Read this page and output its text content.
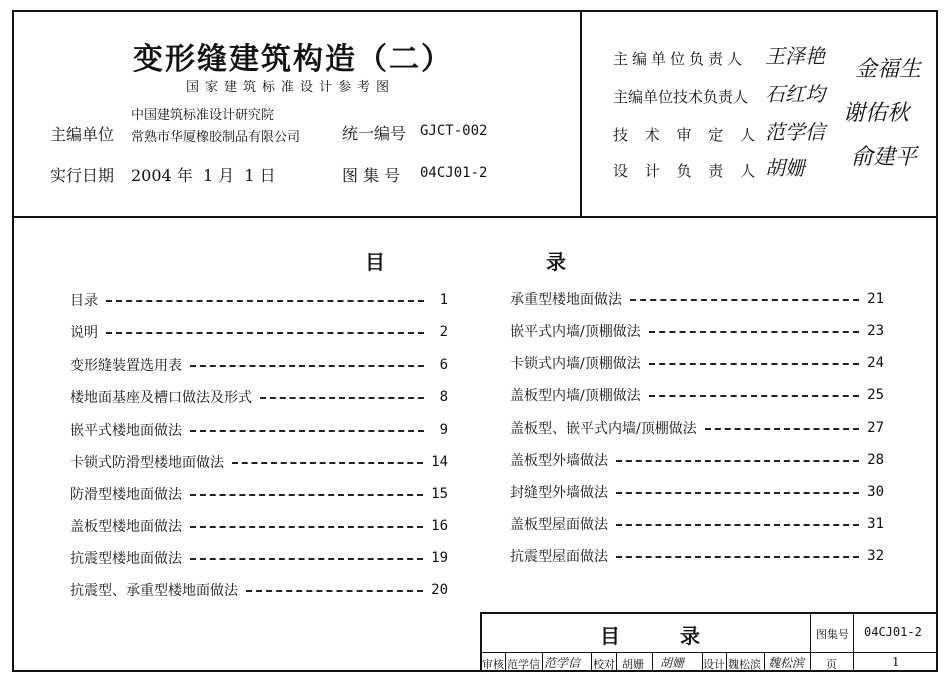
变形缝建筑构造（二）
国家建筑标准设计参考图
主编单位
中国建筑标准设计研究院
常熟市华厦橡胶制品有限公司	统一编号 GJCT-002
实行日期 2004 年  1 月  1 日	图 集 号 04CJ01-2
主编单位负责人 王泽艳
主编单位技术负责人 石红均
技 术 审 定 人 范学信
设 计 负 责 人 胡姗
金福生
谢佑秋
俞建平
目	录
目录	1
说明	2
变形缝装置选用表	6
楼地面基座及槽口做法及形式	8
嵌平式楼地面做法	9
卡锁式防滑型楼地面做法	14
防滑型楼地面做法	15
盖板型楼地面做法	16
抗震型楼地面做法	19
抗震型、承重型楼地面做法	20
承重型楼地面做法	21
嵌平式内墙/顶棚做法	23
卡锁式内墙/顶棚做法	24
盖板型内墙/顶棚做法	25
盖板型、嵌平式内墙/顶棚做法	27
盖板型外墙做法	28
封缝型外墙做法	30
盖板型屋面做法	31
抗震型屋面做法	32
目	录	图集号 04CJ01-2
页	1
审核 范学信 范学信 校对 胡姗 胡姗 设计 魏松滨 魏松滨
